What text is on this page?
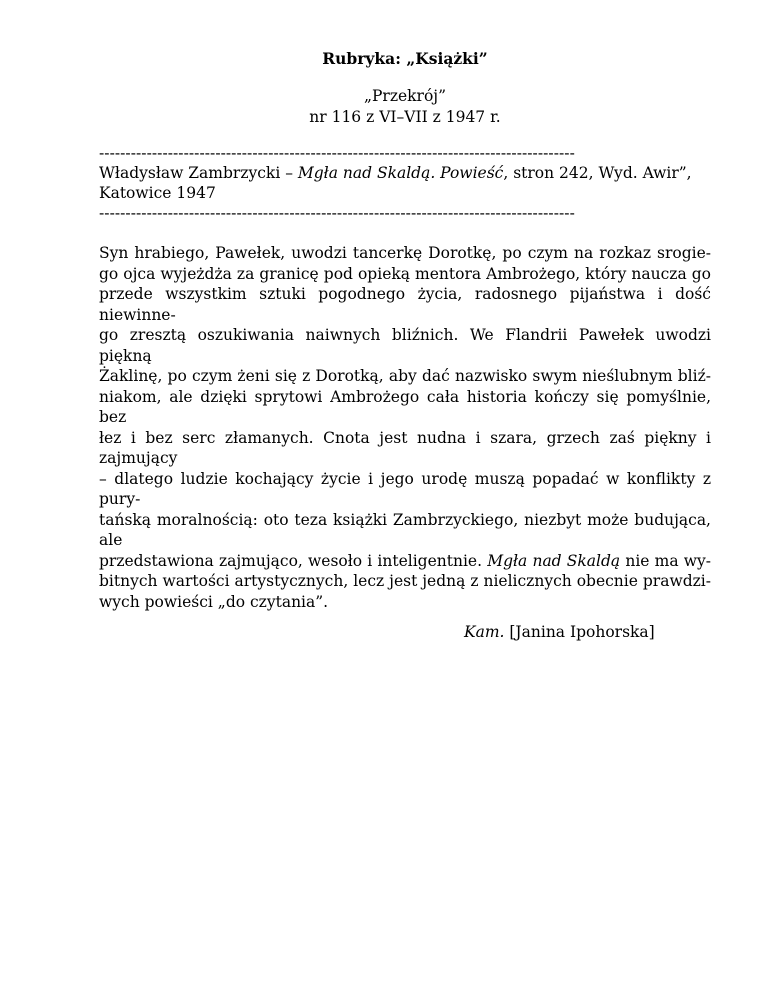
Rubryka: „Książki”
„Przekrój”
nr 116 z VI–VII z 1947 r.
------------------------------------------------------------------------------------------
Władysław Zambrzycki – Mgła nad Skaldą. Powieść, stron 242, Wyd. Awir”,
Katowice 1947
------------------------------------------------------------------------------------------
Syn hrabiego, Pawełek, uwodzi tancerkę Dorotkę, po czym na rozkaz srogie-
go ojca wyjeżdża za granicę pod opieką mentora Ambrożego, który naucza go
przede wszystkim sztuki pogodnego życia, radosnego pijaństwa i dość niewinne-
go zresztą oszukiwania naiwnych bliźnich. We Flandrii Pawełek uwodzi piękną
Żaklinę, po czym żeni się z Dorotką, aby dać nazwisko swym nieślubnym bliź-
niakom, ale dzięki sprytowi Ambrożego cała historia kończy się pomyślnie, bez
łez i bez serc złamanych. Cnota jest nudna i szara, grzech zaś piękny i zajmujący
– dlatego ludzie kochający życie i jego urodę muszą popadać w konflikty z pury-
tańską moralnością: oto teza książki Zambrzyckiego, niezbyt może budująca, ale
przedstawiona zajmująco, wesoło i inteligentnie. Mgła nad Skaldą nie ma wy-
bitnych wartości artystycznych, lecz jest jedną z nielicznych obecnie prawdzi-
wych powieści „do czytania”.
Kam. [Janina Ipohorska]
